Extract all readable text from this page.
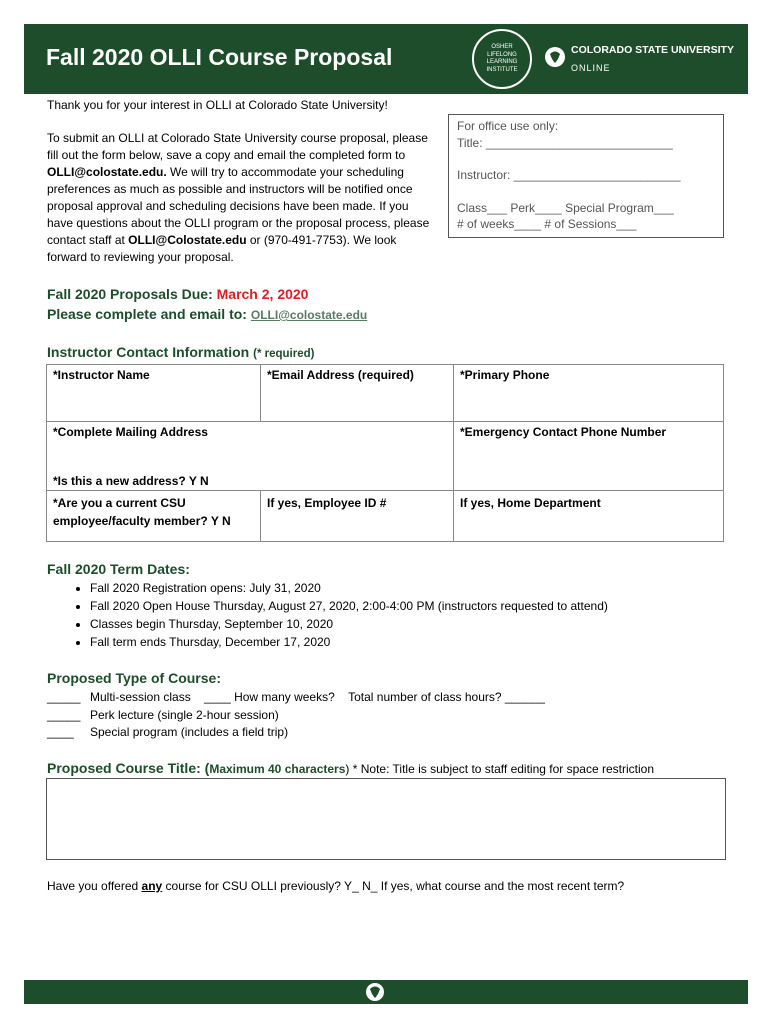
Fall 2020 OLLI Course Proposal	OSHER
LIFELONG
LEARNING
INSTITUTE
COLORADO STATE UNIVERSITY
ONLINE

Thank you for your interest in OLLI at Colorado State University!

To submit an OLLI at Colorado State University course proposal, please fill out the form below, save a copy and email the completed form to OLLI@colostate.edu. We will try to accommodate your scheduling preferences as much as possible and instructors will be notified once proposal approval and scheduling decisions have been made. If you have questions about the OLLI program or the proposal process, please contact staff at OLLI@Colostate.edu or (970-491-7753). We look forward to reviewing your proposal.

For office use only:
Title: ____________________________
Instructor: _________________________
Class___ Perk____ Special Program___
# of weeks____ # of Sessions___
Fall 2020 Proposals Due: March 2, 2020
Please complete and email to: OLLI@colostate.edu
Instructor Contact Information (* required)
*Instructor Name	*Email Address (required)	*Primary Phone

*Complete Mailing Address
*Is this a new address? Y N		*Emergency Contact Phone Number
*Are you a current CSU employee/faculty member? Y N	If yes, Employee ID #	If yes, Home Department
Fall 2020 Term Dates:
• Fall 2020 Registration opens: July 31, 2020
• Fall 2020 Open House Thursday, August 27, 2020, 2:00-4:00 PM (instructors requested to attend)
• Classes begin Thursday, September 10, 2020
• Fall term ends Thursday, December 17, 2020
Proposed Type of Course:
_____ Multi-session class ____ How many weeks? Total number of class hours? ______
_____ Perk lecture (single 2-hour session)
____ Special program (includes a field trip)
Proposed Course Title: (Maximum 40 characters) * Note: Title is subject to staff editing for space restriction
Have you offered any course for CSU OLLI previously? Y_ N_ If yes, what course and the most recent term?
